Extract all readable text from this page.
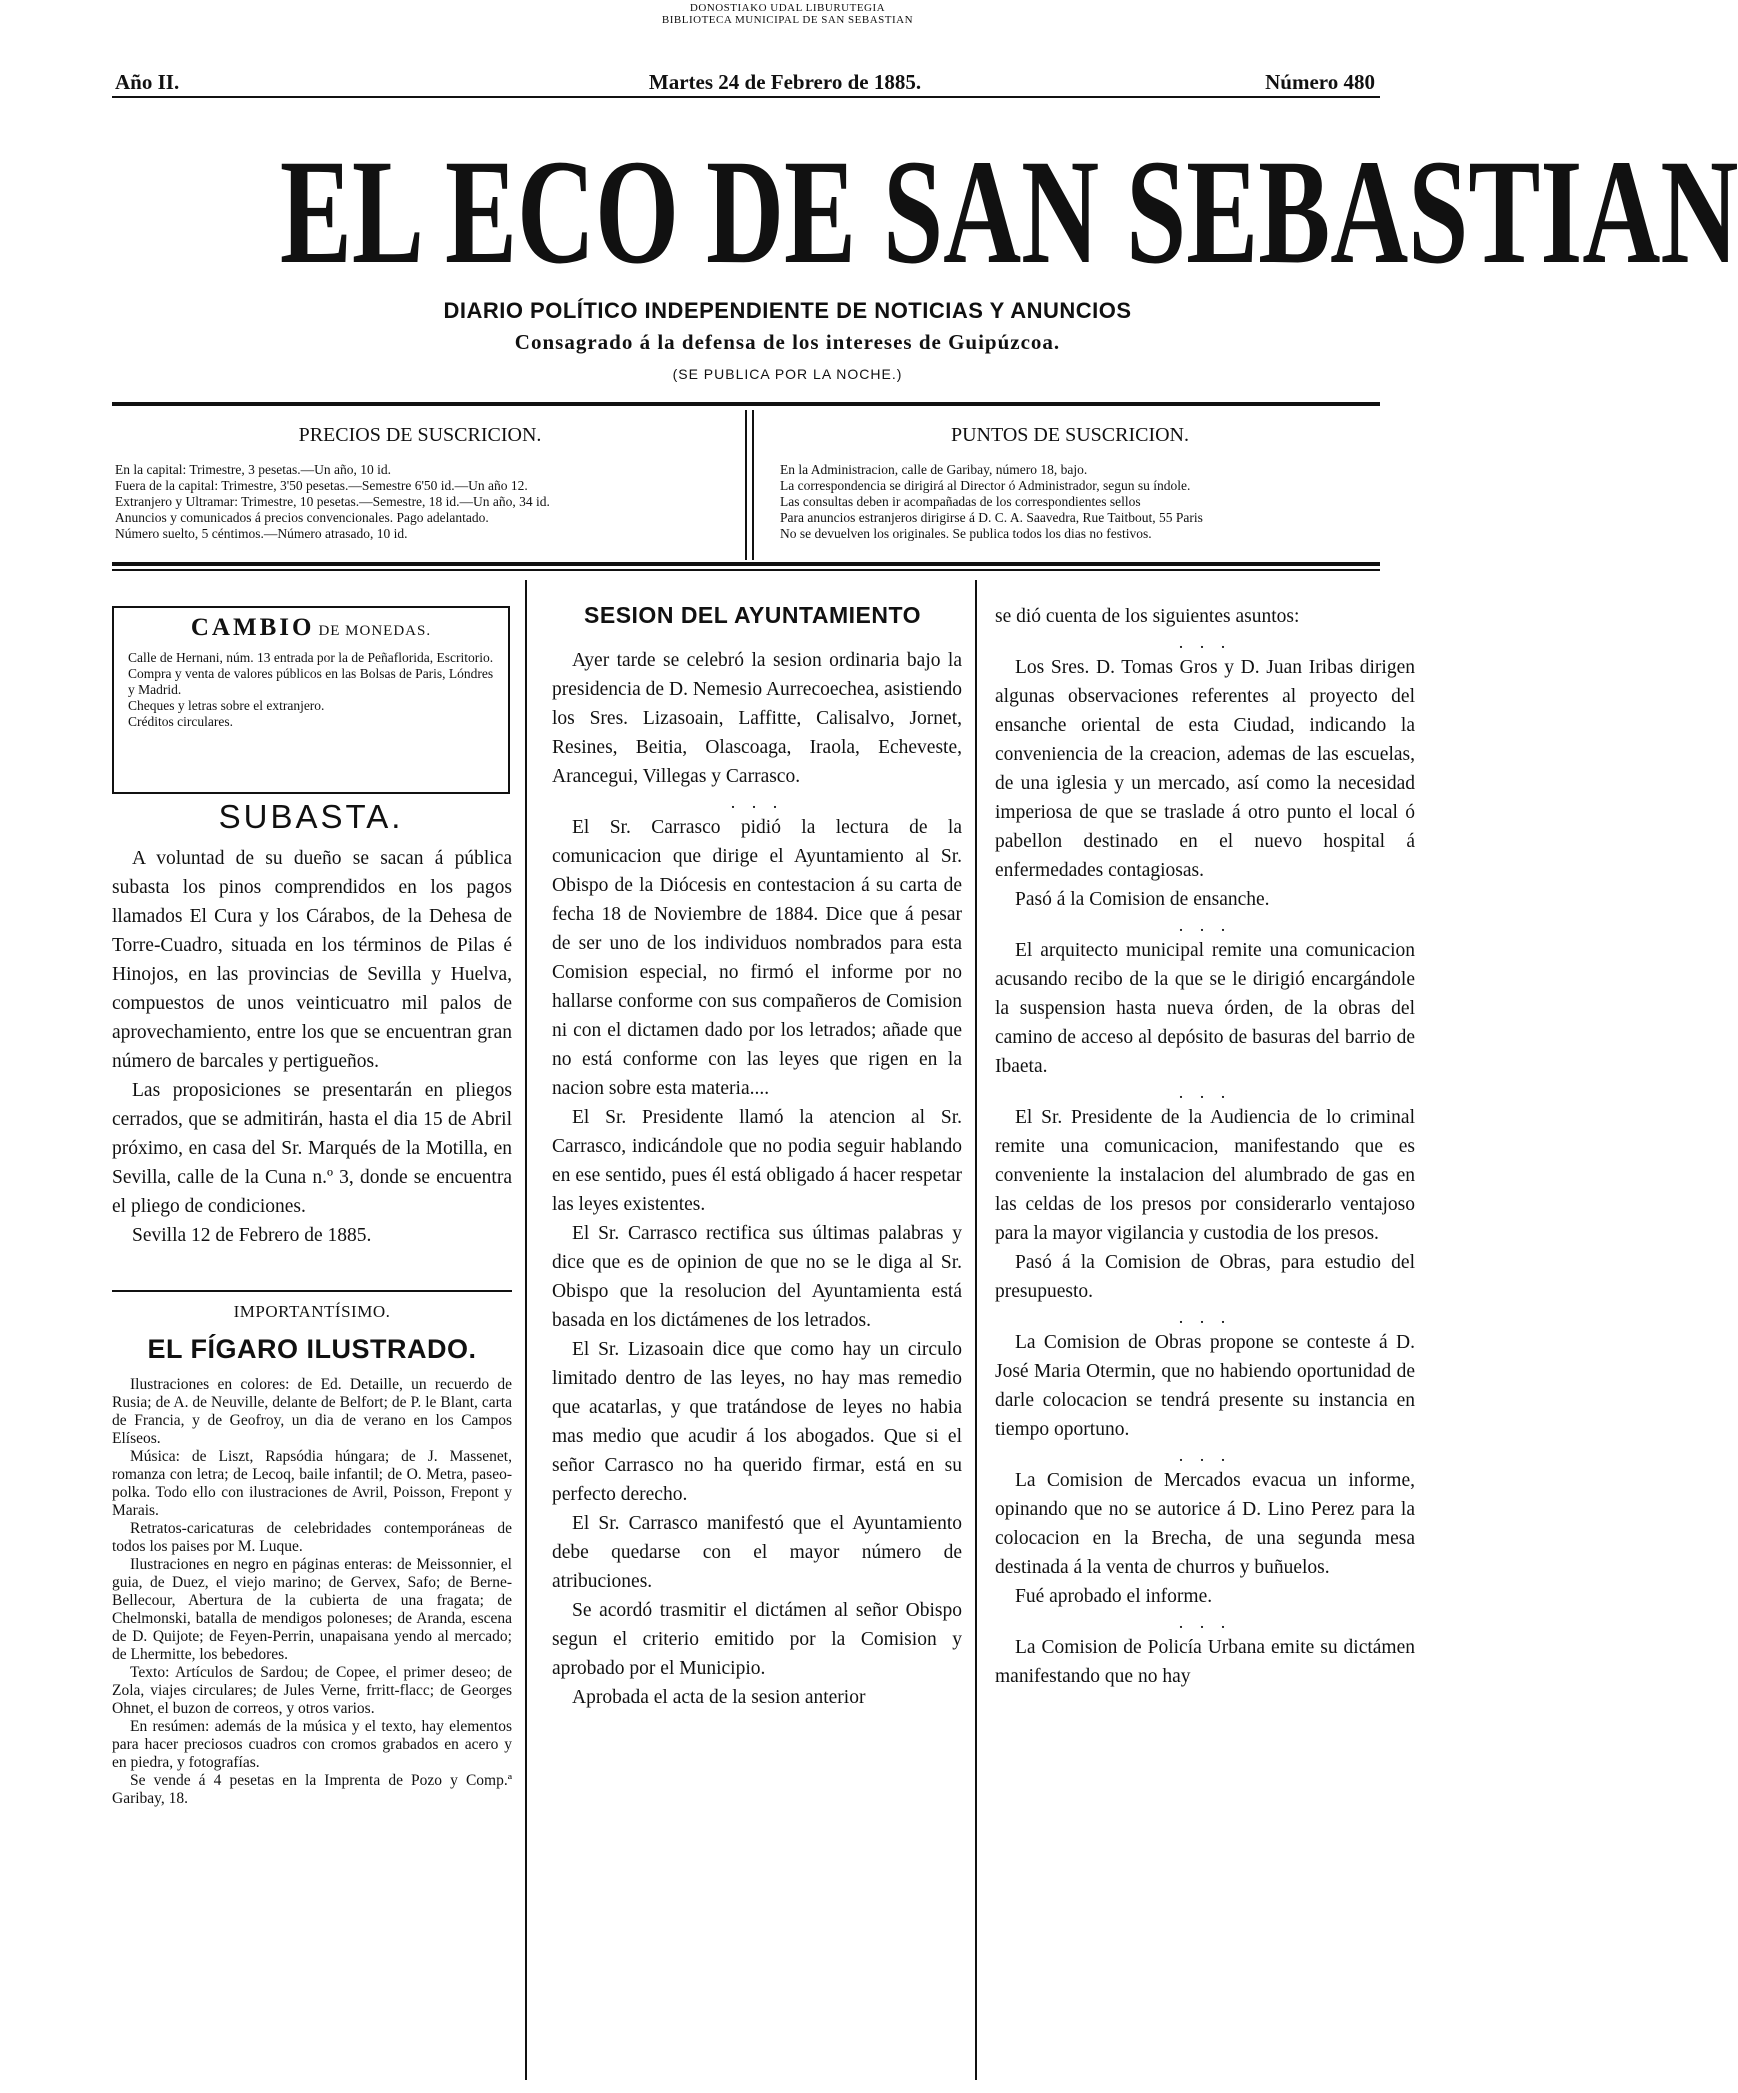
DONOSTIAKO UDAL LIBURUTEGIA
BIBLIOTECA MUNICIPAL DE SAN SEBASTIAN
Año II.	Martes 24 de Febrero de 1885.	Número 480
EL ECO DE SAN SEBASTIAN
DIARIO POLÍTICO INDEPENDIENTE DE NOTICIAS Y ANUNCIOS
Consagrado á la defensa de los intereses de Guipúzcoa.
(SE PUBLICA POR LA NOCHE.)
PRECIOS DE SUSCRICION.
En la capital: Trimestre, 3 pesetas.—Un año, 10 id.
Fuera de la capital: Trimestre, 3'50 pesetas.—Semestre 6'50 id.—Un año 12.
Extranjero y Ultramar: Trimestre, 10 pesetas.—Semestre, 18 id.—Un año, 34 id.
Anuncios y comunicados á precios convencionales. Pago adelantado.
Número suelto, 5 céntimos.—Número atrasado, 10 id.
PUNTOS DE SUSCRICION.
En la Administracion, calle de Garibay, número 18, bajo.
La correspondencia se dirigirá al Director ó Administrador, segun su índole.
Las consultas deben ir acompañadas de los correspondientes sellos
Para anuncios estranjeros dirigirse á D. C. A. Saavedra, Rue Taitbout, 55 Paris
No se devuelven los originales. Se publica todos los dias no festivos.
CAMBIO DE MONEDAS.
Calle de Hernani, núm. 13 entrada por la de Peñaflorida, Escritorio.
Compra y venta de valores públicos en las Bolsas de Paris, Lóndres y Madrid.
Cheques y letras sobre el extranjero.
Créditos circulares.
SUBASTA.

A voluntad de su dueño se sacan á pública subasta los pinos comprendidos en los pagos llamados El Cura y los Cárabos, de la Dehesa de Torre-Cuadro, situada en los términos de Pilas é Hinojos, en las provincias de Sevilla y Huelva, compuestos de unos veinticuatro mil palos de aprovechamiento, entre los que se encuentran gran número de barcales y pertigueños.

Las proposiciones se presentarán en pliegos cerrados, que se admitirán, hasta el dia 15 de Abril próximo, en casa del Sr. Marqués de la Motilla, en Sevilla, calle de la Cuna n.º 3, donde se encuentra el pliego de condiciones.

Sevilla 12 de Febrero de 1885.

IMPORTANTÍSIMO.
EL FÍGARO ILUSTRADO.

Ilustraciones en colores: de Ed. Detaille, un recuerdo de Rusia; de A. de Neuville, delante de Belfort; de P. le Blant, carta de Francia, y de Geofroy, un dia de verano en los Campos Elíseos.

Música: de Liszt, Rapsódia húngara; de J. Massenet, romanza con letra; de Lecoq, baile infantil; de O. Metra, paseo-polka. Todo ello con ilustraciones de Avril, Poisson, Frepont y Marais.

Retratos-caricaturas de celebridades contemporáneas de todos los paises por M. Luque.

Ilustraciones en negro en páginas enteras: de Meissonnier, el guia, de Duez, el viejo marino; de Gervex, Safo; de Berne-Bellecour, Abertura de la cubierta de una fragata; de Chelmonski, batalla de mendigos poloneses; de Aranda, escena de D. Quijote; de Feyen-Perrin, unapaisana yendo al mercado; de Lhermitte, los bebedores.

Texto: Artículos de Sardou; de Copee, el primer deseo; de Zola, viajes circulares; de Jules Verne, frritt-flacc; de Georges Ohnet, el buzon de correos, y otros varios.

En resúmen: además de la música y el texto, hay elementos para hacer preciosos cuadros con cromos grabados en acero y en piedra, y fotografías.

Se vende á 4 pesetas en la Imprenta de Pozo y Comp.ª Garibay, 18.

SESION DEL AYUNTAMIENTO

Ayer tarde se celebró la sesion ordinaria bajo la presidencia de D. Nemesio Aurrecoechea, asistiendo los Sres. Lizasoain, Laffitte, Calisalvo, Jornet, Resines, Beitia, Olascoaga, Iraola, Echeveste, Arancegui, Villegas y Carrasco.

. . .

El Sr. Carrasco pidió la lectura de la comunicacion que dirige el Ayuntamiento al Sr. Obispo de la Diócesis en contestacion á su carta de fecha 18 de Noviembre de 1884. Dice que á pesar de ser uno de los individuos nombrados para esta Comision especial, no firmó el informe por no hallarse conforme con sus compañeros de Comision ni con el dictamen dado por los letrados; añade que no está conforme con las leyes que rigen en la nacion sobre esta materia....

El Sr. Presidente llamó la atencion al Sr. Carrasco, indicándole que no podia seguir hablando en ese sentido, pues él está obligado á hacer respetar las leyes existentes.

El Sr. Carrasco rectifica sus últimas palabras y dice que es de opinion de que no se le diga al Sr. Obispo que la resolucion del Ayuntamienta está basada en los dictámenes de los letrados.

El Sr. Lizasoain dice que como hay un circulo limitado dentro de las leyes, no hay mas remedio que acatarlas, y que tratándose de leyes no habia mas medio que acudir á los abogados. Que si el señor Carrasco no ha querido firmar, está en su perfecto derecho.

El Sr. Carrasco manifestó que el Ayuntamiento debe quedarse con el mayor número de atribuciones.

Se acordó trasmitir el dictámen al señor Obispo segun el criterio emitido por la Comision y aprobado por el Municipio.

Aprobada el acta de la sesion anterior

se dió cuenta de los siguientes asuntos:

. . .

Los Sres. D. Tomas Gros y D. Juan Iribas dirigen algunas observaciones referentes al proyecto del ensanche oriental de esta Ciudad, indicando la conveniencia de la creacion, ademas de las escuelas, de una iglesia y un mercado, así como la necesidad imperiosa de que se traslade á otro punto el local ó pabellon destinado en el nuevo hospital á enfermedades contagiosas.

Pasó á la Comision de ensanche.

. . .

El arquitecto municipal remite una comunicacion acusando recibo de la que se le dirigió encargándole la suspension hasta nueva órden, de la obras del camino de acceso al depósito de basuras del barrio de Ibaeta.

. . .

El Sr. Presidente de la Audiencia de lo criminal remite una comunicacion, manifestando que es conveniente la instalacion del alumbrado de gas en las celdas de los presos por considerarlo ventajoso para la mayor vigilancia y custodia de los presos.

Pasó á la Comision de Obras, para estudio del presupuesto.

. . .

La Comision de Obras propone se conteste á D. José Maria Otermin, que no habiendo oportunidad de darle colocacion se tendrá presente su instancia en tiempo oportuno.

. . .

La Comision de Mercados evacua un informe, opinando que no se autorice á D. Lino Perez para la colocacion en la Brecha, de una segunda mesa destinada á la venta de churros y buñuelos.

Fué aprobado el informe.

. . .

La Comision de Policía Urbana emite su dictámen manifestando que no hay
